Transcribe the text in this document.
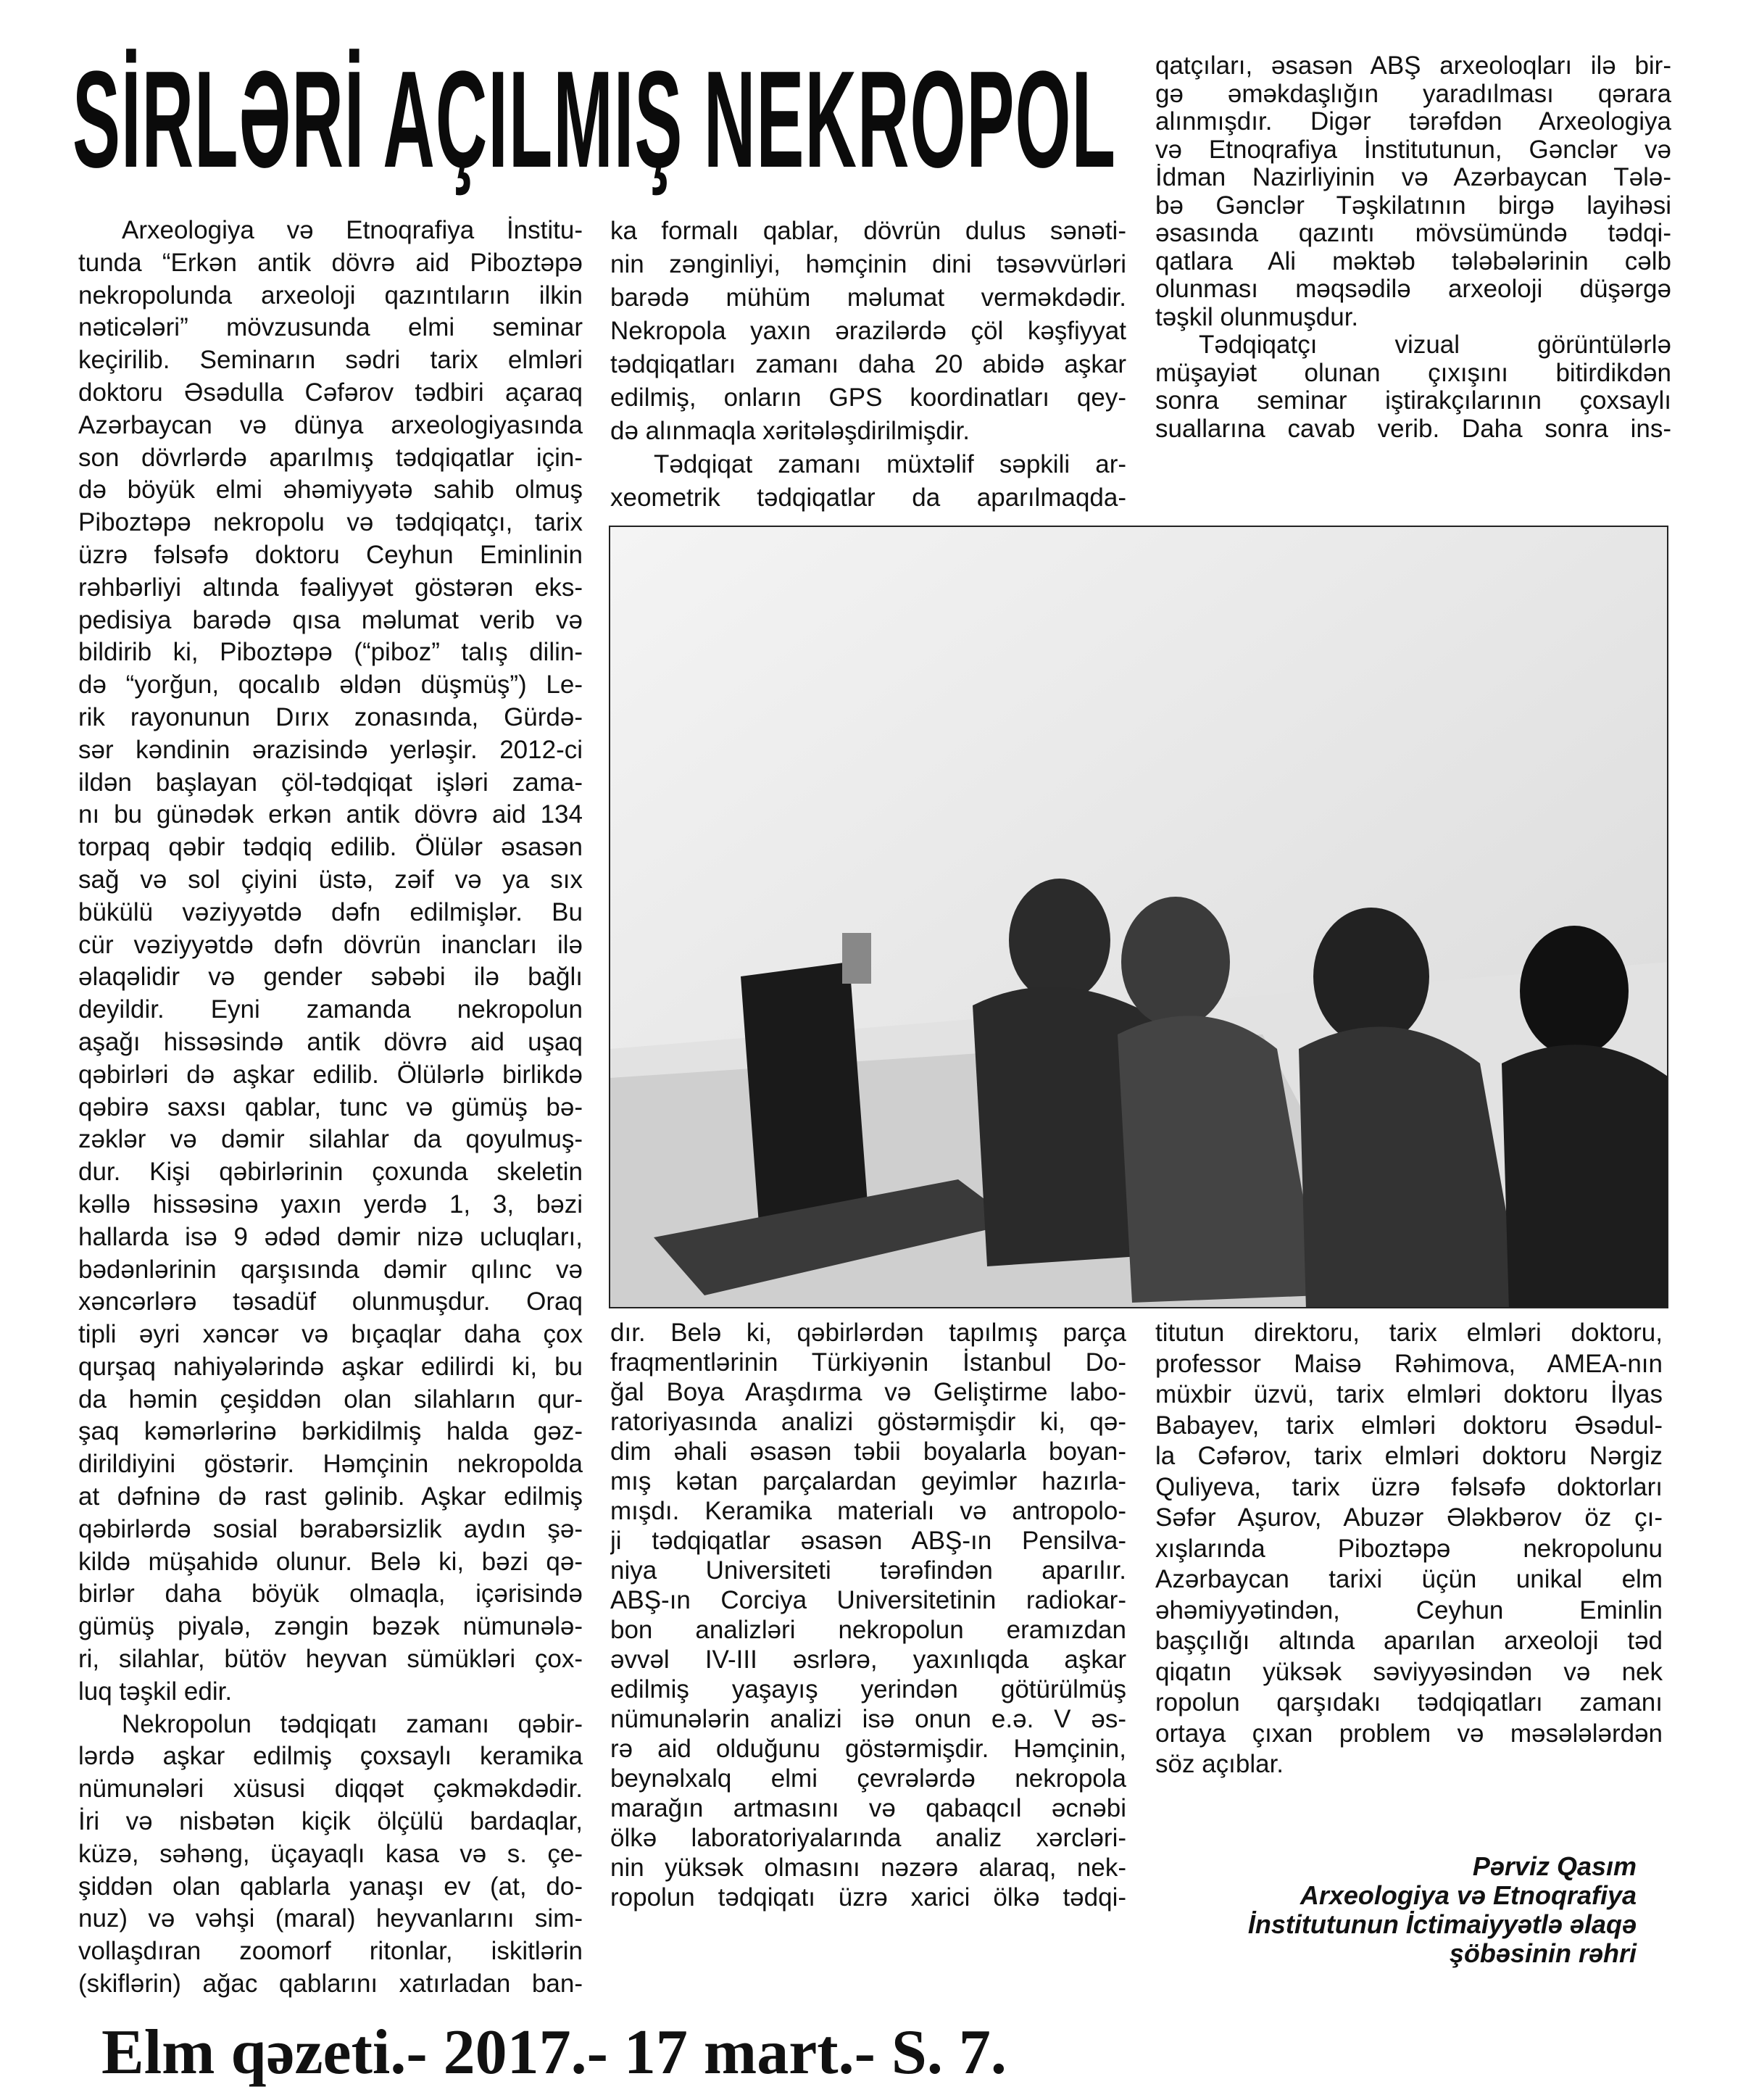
SİRLƏRİ AÇILMIŞ NEKROPOL
Arxeologiya və Etnoqrafiya İnstitu-
tunda “Erkən antik dövrə aid Piboztəpə
nekropolunda arxeoloji qazıntıların ilkin
nəticələri” mövzusunda elmi seminar
keçirilib. Seminarın sədri tarix elmləri
doktoru Əsədulla Cəfərov tədbiri açaraq
Azərbaycan və dünya arxeologiyasında
son dövrlərdə aparılmış tədqiqatlar için-
də böyük elmi əhəmiyyətə sahib olmuş
Piboztəpə nekropolu və tədqiqatçı, tarix
üzrə fəlsəfə doktoru Ceyhun Eminlinin
rəhbərliyi altında fəaliyyət göstərən eks-
pedisiya barədə qısa məlumat verib və
bildirib ki, Piboztəpə (“piboz” talış dilin-
də “yorğun, qocalıb əldən düşmüş”) Le-
rik rayonunun Dırıx zonasında, Gürdə-
sər kəndinin ərazisində yerləşir. 2012-ci
ildən başlayan çöl-tədqiqat işləri zama-
nı bu günədək erkən antik dövrə aid 134
torpaq qəbir tədqiq edilib. Ölülər əsasən
sağ və sol çiyini üstə, zəif və ya sıx
bükülü vəziyyətdə dəfn edilmişlər. Bu
cür vəziyyətdə dəfn dövrün inancları ilə
əlaqəlidir və gender səbəbi ilə bağlı
deyildir. Eyni zamanda nekropolun
aşağı hissəsində antik dövrə aid uşaq
qəbirləri də aşkar edilib. Ölülərlə birlikdə
qəbirə saxsı qablar, tunc və gümüş bə-
zəklər və dəmir silahlar da qoyulmuş-
dur. Kişi qəbirlərinin çoxunda skeletin
kəllə hissəsinə yaxın yerdə 1, 3, bəzi
hallarda isə 9 ədəd dəmir nizə ucluqları,
bədənlərinin qarşısında dəmir qılınc və
xəncərlərə təsadüf olunmuşdur. Oraq
tipli əyri xəncər və bıçaqlar daha çox
qurşaq nahiyələrində aşkar edilirdi ki, bu
da həmin çeşiddən olan silahların qur-
şaq kəmərlərinə bərkidilmiş halda gəz-
dirildiyini göstərir. Həmçinin nekropolda
at dəfninə də rast gəlinib. Aşkar edilmiş
qəbirlərdə sosial bərabərsizlik aydın şə-
kildə müşahidə olunur. Belə ki, bəzi qə-
birlər daha böyük olmaqla, içərisində
gümüş piyalə, zəngin bəzək nümunələ-
ri, silahlar, bütöv heyvan sümükləri çox-
luq təşkil edir.
Nekropolun tədqiqatı zamanı qəbir-
lərdə aşkar edilmiş çoxsaylı keramika
nümunələri xüsusi diqqət çəkməkdədir.
İri və nisbətən kiçik ölçülü bardaqlar,
küzə, səhəng, üçayaqlı kasa və s. çe-
şiddən olan qablarla yanaşı ev (at, do-
nuz) və vəhşi (maral) heyvanlarını sim-
vollaşdıran zoomorf ritonlar, iskitlərin
(skiflərin) ağac qablarını xatırladan ban-
ka formalı qablar, dövrün dulus sənəti-
nin zənginliyi, həmçinin dini təsəvvürləri
barədə mühüm məlumat verməkdədir.
Nekropola yaxın ərazilərdə çöl kəşfiyyat
tədqiqatları zamanı daha 20 abidə aşkar
edilmiş, onların GPS koordinatları qey-
də alınmaqla xəritələşdirilmişdir.
Tədqiqat zamanı müxtəlif səpkili ar-
xeometrik tədqiqatlar da aparılmaqda-
qatçıları, əsasən ABŞ arxeoloqları ilə bir-
gə əməkdaşlığın yaradılması qərara
alınmışdır. Digər tərəfdən Arxeologiya
və Etnoqrafiya İnstitutunun, Gənclər və
İdman Nazirliyinin və Azərbaycan Tələ-
bə Gənclər Təşkilatının birgə layihəsi
əsasında qazıntı mövsümündə tədqi-
qatlara Ali məktəb tələbələrinin cəlb
olunması məqsədilə arxeoloji düşərgə
təşkil olunmuşdur.
Tədqiqatçı vizual görüntülərlə
müşayiət olunan çıxışını bitirdikdən
sonra seminar iştirakçılarının çoxsaylı
suallarına cavab verib. Daha sonra ins-
dır. Belə ki, qəbirlərdən tapılmış parça
fraqmentlərinin Türkiyənin İstanbul Do-
ğal Boya Araşdırma və Geliştirme labo-
ratoriyasında analizi göstərmişdir ki, qə-
dim əhali əsasən təbii boyalarla boyan-
mış kətan parçalardan geyimlər hazırla-
mışdı. Keramika materialı və antropolo-
ji tədqiqatlar əsasən ABŞ-ın Pensilva-
niya Universiteti tərəfindən aparılır.
ABŞ-ın Corciya Universitetinin radiokar-
bon analizləri nekropolun eramızdan
əvvəl IV-III əsrlərə, yaxınlıqda aşkar
edilmiş yaşayış yerindən götürülmüş
nümunələrin analizi isə onun e.ə. V əs-
rə aid olduğunu göstərmişdir. Həmçinin,
beynəlxalq elmi çevrələrdə nekropola
marağın artmasını və qabaqcıl əcnəbi
ölkə laboratoriyalarında analiz xərcləri-
nin yüksək olmasını nəzərə alaraq, nek-
ropolun tədqiqatı üzrə xarici ölkə tədqi-
titutun direktoru, tarix elmləri doktoru,
professor Maisə Rəhimova, AMEA-nın
müxbir üzvü, tarix elmləri doktoru İlyas
Babayev, tarix elmləri doktoru Əsədul-
la Cəfərov, tarix elmləri doktoru Nərgiz
Quliyeva, tarix üzrə fəlsəfə doktorları
Səfər Aşurov, Abuzər Ələkbərov öz çı-
xışlarında Piboztəpə nekropolunu
Azərbaycan tarixi üçün unikal elm
əhəmiyyətindən, Ceyhun Eminlin
başçılığı altında aparılan arxeoloji təd
qiqatın yüksək səviyyəsindən və nek
ropolun qarşıdakı tədqiqatları zamanı
ortaya çıxan problem və məsələlərdən
söz açıblar.
Pərviz Qasım
Arxeologiya və Etnoqrafiya
İnstitutunun İctimaiyyətlə əlaqə
şöbəsinin rəhri
Elm qəzeti.- 2017.- 17 mart.- S. 7.
